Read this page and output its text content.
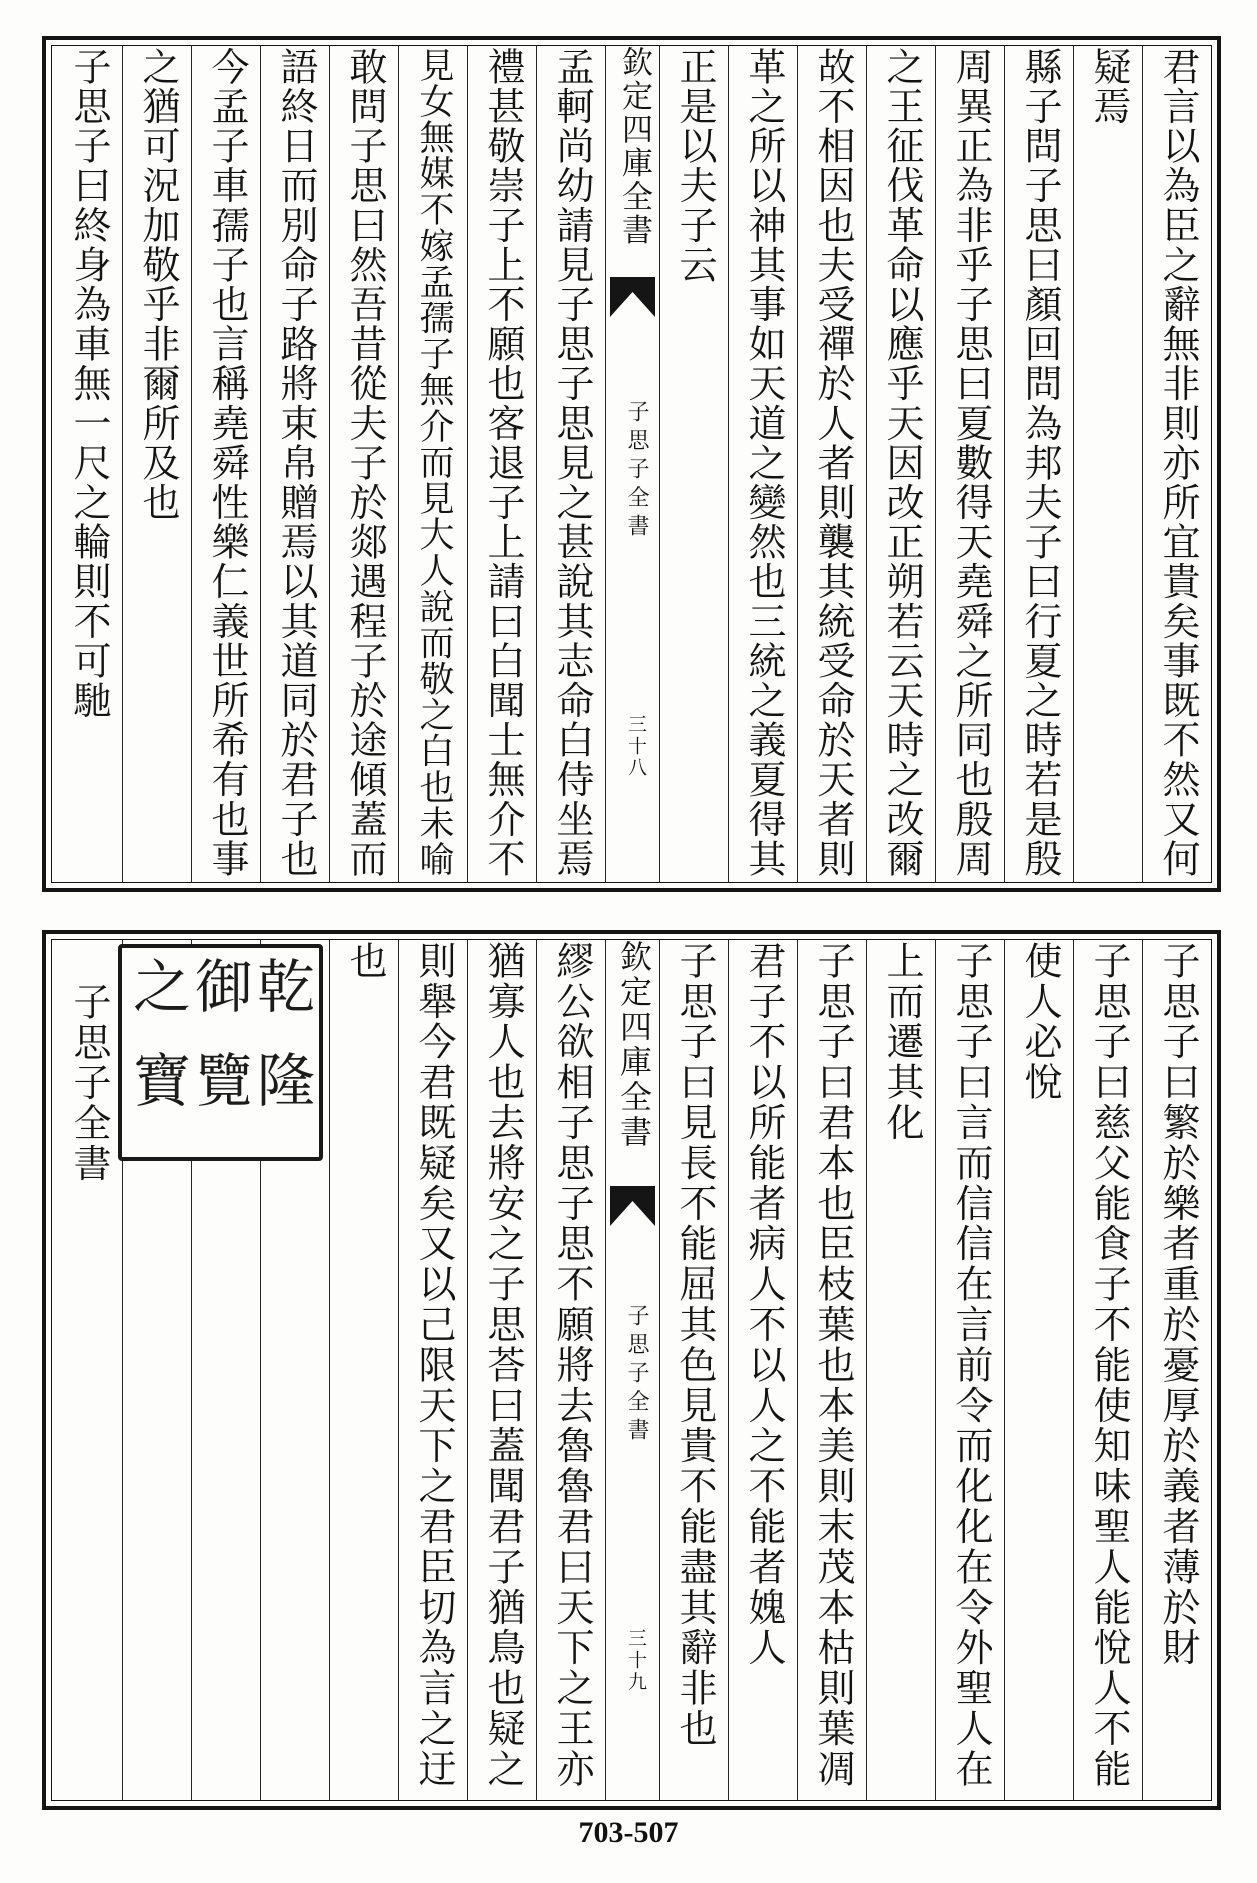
君言以為臣之辭無非則亦所宜貴矣事既不然又何
疑焉
縣子問子思曰顏回問為邦夫子曰行夏之時若是殷
周異正為非乎子思曰夏數得天堯舜之所同也殷周
之王征伐革命以應乎天因改正朔若云天時之改爾
故不相因也夫受禪於人者則襲其統受命於天者則
革之所以神其事如天道之變然也三統之義夏得其
正是以夫子云
欽定四庫全書
子思子全書
三十八
孟軻尚幼請見子思子思見之甚說其志命白侍坐焉
禮甚敬崇子上不願也客退子上請曰白聞士無介不
見女無媒不嫁孟孺子無介而見大人說而敬之白也未喻
敢問子思曰然吾昔從夫子於郯遇程子於途傾蓋而
語終日而別命子路將束帛贈焉以其道同於君子也
今孟子車孺子也言稱堯舜性樂仁義世所希有也事
之猶可況加敬乎非爾所及也
子思子曰終身為車無一尺之輪則不可馳
子思子曰繁於樂者重於憂厚於義者薄於財
子思子曰慈父能食子不能使知味聖人能悅人不能
使人必悅
子思子曰言而信信在言前令而化化在令外聖人在
上而遷其化
子思子曰君本也臣枝葉也本美則末茂本枯則葉凋
君子不以所能者病人不以人之不能者媿人
子思子曰見長不能屈其色見貴不能盡其辭非也
欽定四庫全書
子思子全書
三十九
繆公欲相子思子思不願將去魯魯君曰天下之王亦
猶寡人也去將安之子思荅曰蓋聞君子猶鳥也疑之
則舉今君既疑矣又以己限天下之君臣切為言之迂
也
子思子全書	乾隆御覽之寶
703-507
